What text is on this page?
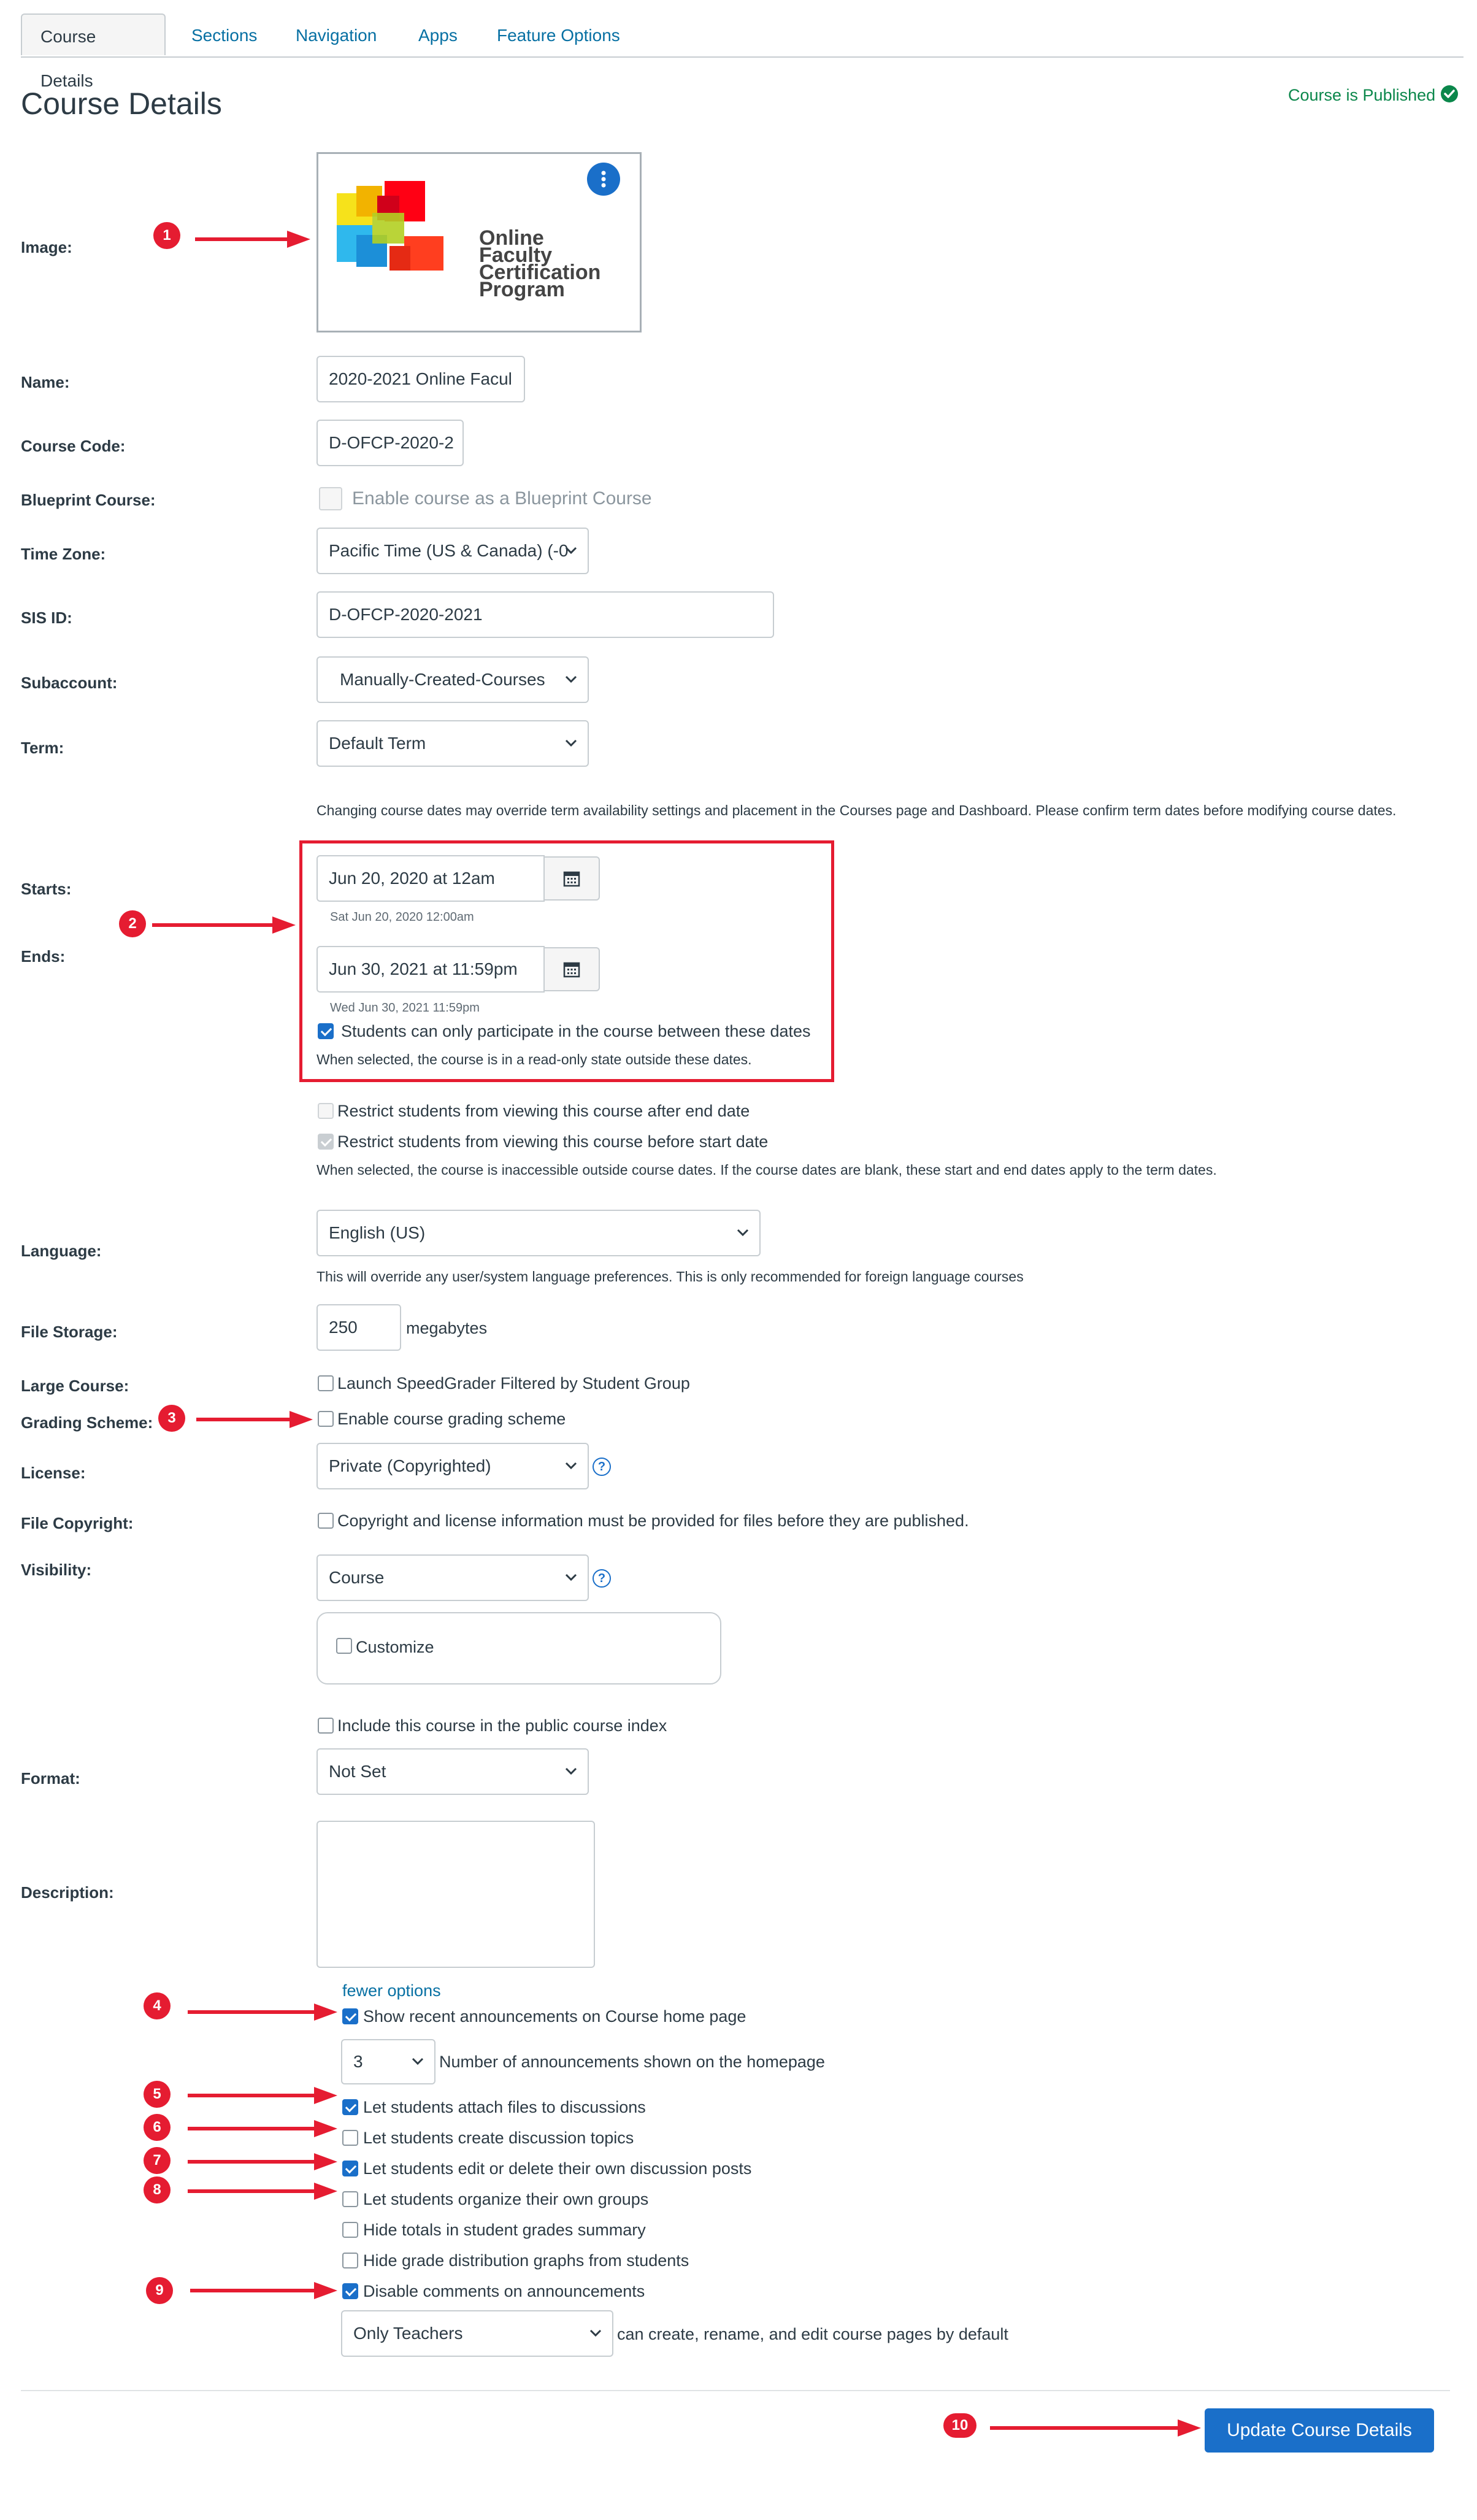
Course Details
Sections Navigation Apps Feature Options
Course Details	Course is Published
Image:	Online
Faculty
Certification
Program
Name:	2020-2021 Online Facul
Course Code:	D-OFCP-2020-2
Blueprint Course:	Enable course as a Blueprint Course
Time Zone:	Pacific Time (US & Canada) (-0
SIS ID:	D-OFCP-2020-2021
Subaccount:	Manually-Created-Courses
Term:	Default Term
Changing course dates may override term availability settings and placement in the Courses page and Dashboard. Please confirm term dates before modifying course dates.
Starts:
Jun 20, 2020 at 12am
Sat Jun 20, 2020 12:00am
Ends:
Jun 30, 2021 at 11:59pm
Wed Jun 30, 2021 11:59pm
Students can only participate in the course between these dates
When selected, the course is in a read-only state outside these dates.
Restrict students from viewing this course after end date
Restrict students from viewing this course before start date
When selected, the course is inaccessible outside course dates. If the course dates are blank, these start and end dates apply to the term dates.
Language:
English (US)
This will override any user/system language preferences. This is only recommended for foreign language courses
File Storage:	250	megabytes
Large Course:	Launch SpeedGrader Filtered by Student Group
Grading Scheme:	Enable course grading scheme
License:	Private (Copyrighted)	?
File Copyright:	Copyright and license information must be provided for files before they are published.
Visibility:	Course	?
Customize
Include this course in the public course index
Format:	Not Set
Description:
fewer options
Show recent announcements on Course home page
3	Number of announcements shown on the homepage
Let students attach files to discussions
Let students create discussion topics
Let students edit or delete their own discussion posts
Let students organize their own groups
Hide totals in student grades summary
Hide grade distribution graphs from students
Disable comments on announcements
Only Teachers	can create, rename, and edit course pages by default
Update Course Details
1
2
3
4
5
6
7
8
9
10
